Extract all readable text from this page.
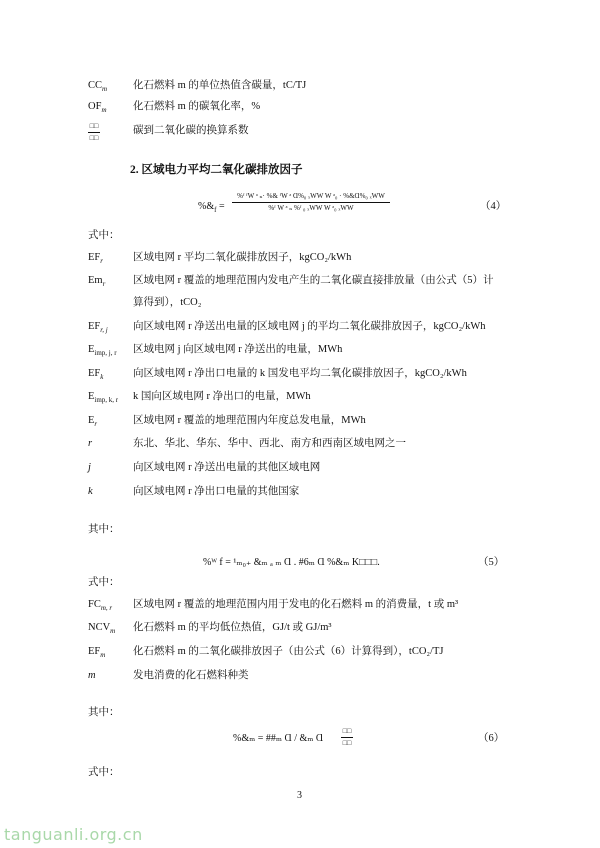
$CC_m$ 化石燃料 m 的单位热值含碳量，tC/TJ
$OF_m$	化石燃料 m 的碳氧化率，%
□□
□□
碳到二氧化碳的换算系数
2. 区域电力平均二氧化碳排放因子
$\%\&_f$ =
%ᶠ ᶠW ᵃ ₙ· %& ᶠW ᵃ Ɑ%₀ ₓWW W ᵃ₀ · %&Ɑ%₀ ₓWW
%ᶠ W ᵃ ₙ %ᶠ ₀ ₓWW W ᵃ₀ ₓWW	（4）
式中：
$EF_r$	区域电网 r 平均二氧化碳排放因子，kgCO₂/kWh
$Em_r$	区域电网 r 覆盖的地理范围内发电产生的二氧化碳直接排放量（由公式（5）计
算得到），tCO₂
$EF_{r, j}$ 向区域电网 r 净送出电量的区域电网 j 的平均二氧化碳排放因子，kgCO₂/kWh
$E_{imp, j, r}$ 区域电网 j 向区域电网 r 净送出的电量，MWh
$EF_k$	向区域电网 r 净出口电量的 k 国发电平均二氧化碳排放因子，kgCO₂/kWh
$E_{imp, k, r}$ k 国向区域电网 r 净出口的电量，MWh
$E_r$	区域电网 r 覆盖的地理范围内年度总发电量，MWh
r	东北、华北、华东、华中、西北、南方和西南区域电网之一
j	向区域电网 r 净送出电量的其他区域电网
k	向区域电网 r 净出口电量的其他国家
其中：
%ᵂ f = ¹ₘ₀₊ &ₘ ₐ ₘ Ɑ . #6ₘ Ɑ %&ₘ K□□□.	（5）
式中：
$FC_{m, r}$ 区域电网 r 覆盖的地理范围内用于发电的化石燃料 m 的消费量，t 或 m³
$NCV_m$ 化石燃料 m 的平均低位热值，GJ/t 或 GJ/m³
$EF_m$	化石燃料 m 的二氧化碳排放因子（由公式（6）计算得到），tCO₂/TJ
m	发电消费的化石燃料种类
其中：
%&ₘ = ##ₘ Ɑ / &ₘ Ɑ
□□
□□	（6）
式中：
3
tanguanli.org.cn
